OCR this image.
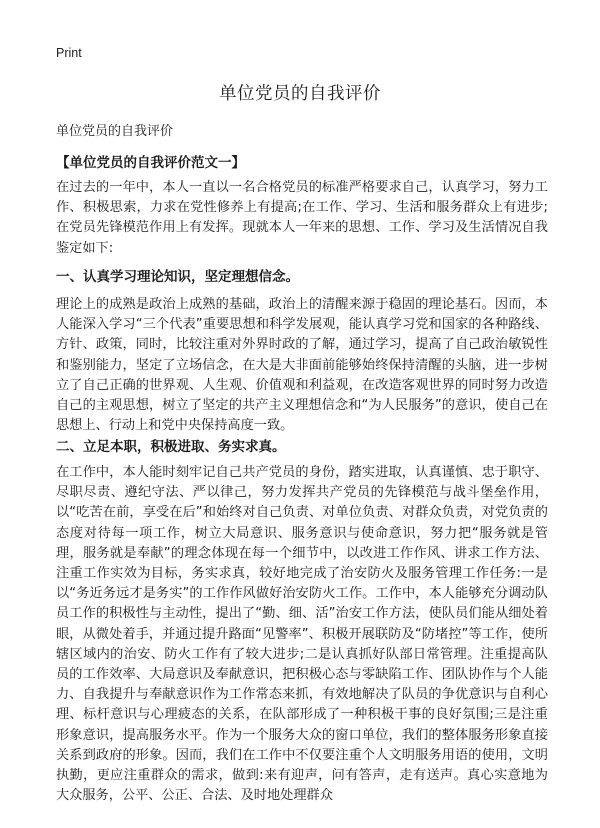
Print
单位党员的自我评价

单位党员的自我评价

【单位党员的自我评价范文一】

在过去的一年中，本人一直以一名合格党员的标准严格要求自己，认真学习，努力工作、积极思索，力求在党性修养上有提高;在工作、学习、生活和服务群众上有进步;在党员先锋模范作用上有发挥。现就本人一年来的思想、工作、学习及生活情况自我鉴定如下:

一、认真学习理论知识，坚定理想信念。

理论上的成熟是政治上成熟的基础，政治上的清醒来源于稳固的理论基石。因而，本人能深入学习“三个代表”重要思想和科学发展观，能认真学习党和国家的各种路线、方针、政策，同时，比较注重对外界时政的了解，通过学习，提高了自己政治敏锐性和鉴别能力，坚定了立场信念，在大是大非面前能够始终保持清醒的头脑，进一步树立了自己正确的世界观、人生观、价值观和利益观，在改造客观世界的同时努力改造自己的主观思想，树立了坚定的共产主义理想信念和“为人民服务”的意识，使自己在思想上、行动上和党中央保持高度一致。

二、立足本职，积极进取、务实求真。

在工作中，本人能时刻牢记自己共产党员的身份，踏实进取，认真谨慎、忠于职守、尽职尽责、遵纪守法、严以律己，努力发挥共产党员的先锋模范与战斗堡垒作用，以“吃苦在前，享受在后”和始终对自己负责、对单位负责、对群众负责，对党负责的态度对待每一项工作，树立大局意识、服务意识与使命意识，努力把“服务就是管理，服务就是奉献”的理念体现在每一个细节中，以改进工作作风、讲求工作方法、注重工作实效为目标，务实求真，较好地完成了治安防火及服务管理工作任务:一是以“务近务远才是务实”的工作作风做好治安防火工作。工作中，本人能够充分调动队员工作的积极性与主动性，提出了“勤、细、活”治安工作方法，使队员们能从细处着眼，从微处着手，并通过提升路面“见警率”、积极开展联防及“防堵控”等工作，使所辖区域内的治安、防火工作有了较大进步;二是认真抓好队部日常管理。注重提高队员的工作效率、大局意识及奉献意识，把积极心态与零缺陷工作、团队协作与个人能力、自我提升与奉献意识作为工作常态来抓，有效地解决了队员的争优意识与自利心理、标杆意识与心理疲态的关系，在队部形成了一种积极干事的良好氛围;三是注重形象意识，提高服务水平。作为一个服务大众的窗口单位，我们的整体服务形象直接关系到政府的形象。因而，我们在工作中不仅要注重个人文明服务用语的使用，文明执勤，更应注重群众的需求，做到:来有迎声，问有答声，走有送声。真心实意地为大众服务，公平、公正、合法、及时地处理群众
